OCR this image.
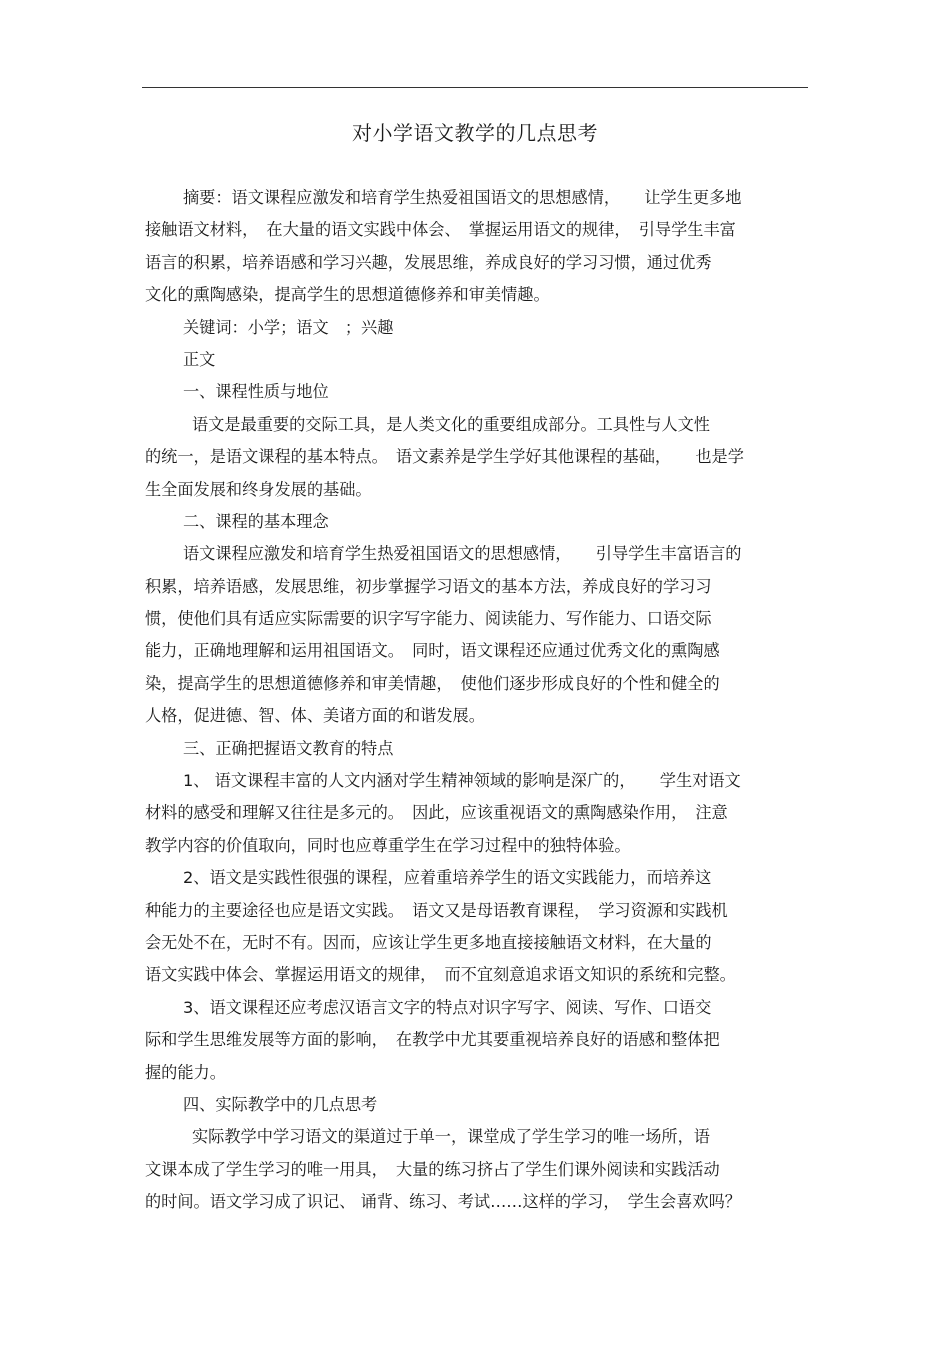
对小学语文教学的几点思考
摘要：语文课程应激发和培育学生热爱祖国语文的思想感情，　　让学生更多地
接触语文材料，　在大量的语文实践中体会、　掌握运用语文的规律，　引导学生丰富
语言的积累，培养语感和学习兴趣，发展思维，养成良好的学习习惯，通过优秀
文化的熏陶感染，提高学生的思想道德修养和审美情趣。
关键词：小学；语文　；兴趣
正文
一、课程性质与地位
语文是最重要的交际工具，是人类文化的重要组成部分。工具性与人文性
的统一，是语文课程的基本特点。　语文素养是学生学好其他课程的基础，　　也是学
生全面发展和终身发展的基础。
二、课程的基本理念
语文课程应激发和培育学生热爱祖国语文的思想感情，　　引导学生丰富语言的
积累，培养语感，发展思维，初步掌握学习语文的基本方法，养成良好的学习习
惯，使他们具有适应实际需要的识字写字能力、阅读能力、写作能力、口语交际
能力，正确地理解和运用祖国语文。　同时，语文课程还应通过优秀文化的熏陶感
染，提高学生的思想道德修养和审美情趣，　使他们逐步形成良好的个性和健全的
人格，促进德、智、体、美诸方面的和谐发展。
三、正确把握语文教育的特点
1、 语文课程丰富的人文内涵对学生精神领域的影响是深广的，　　学生对语文
材料的感受和理解又往往是多元的。　因此，应该重视语文的熏陶感染作用，　注意
教学内容的价值取向，同时也应尊重学生在学习过程中的独特体验。
2、语文是实践性很强的课程，应着重培养学生的语文实践能力，而培养这
种能力的主要途径也应是语文实践。　语文又是母语教育课程，　学习资源和实践机
会无处不在，无时不有。因而，应该让学生更多地直接接触语文材料，在大量的
语文实践中体会、掌握运用语文的规律，　而不宜刻意追求语文知识的系统和完整。
3、语文课程还应考虑汉语言文字的特点对识字写字、阅读、写作、口语交
际和学生思维发展等方面的影响，　在教学中尤其要重视培养良好的语感和整体把
握的能力。
四、实际教学中的几点思考
实际教学中学习语文的渠道过于单一，课堂成了学生学习的唯一场所，语
文课本成了学生学习的唯一用具，　大量的练习挤占了学生们课外阅读和实践活动
的时间。语文学习成了识记、 诵背、练习、考试……这样的学习，　学生会喜欢吗？
